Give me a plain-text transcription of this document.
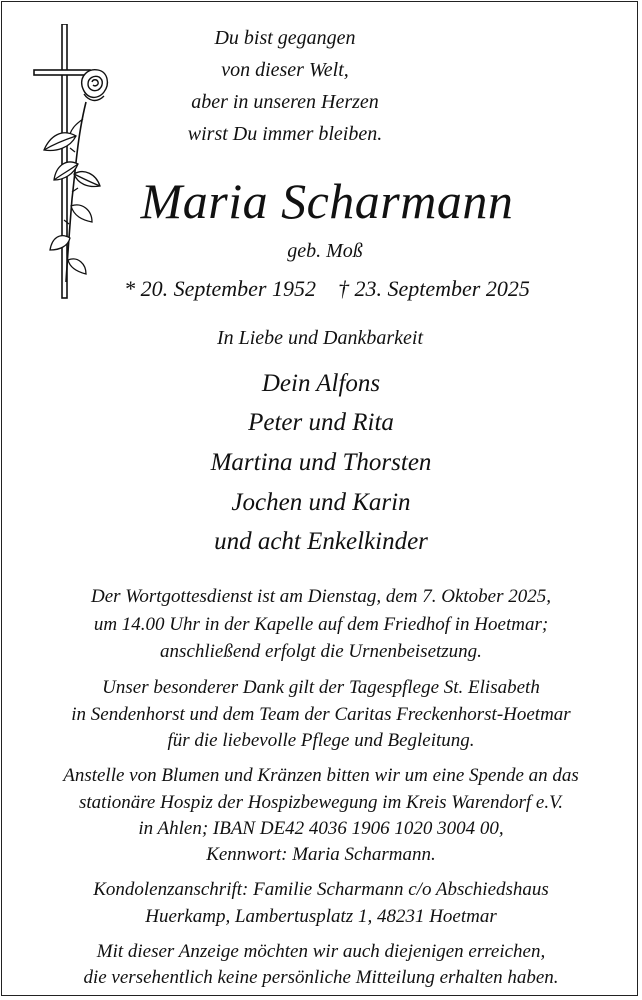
Du bist gegangen
von dieser Welt,
aber in unseren Herzen
wirst Du immer bleiben.
Maria Scharmann
geb. Moß
* 20. September 1952 † 23. September 2025
In Liebe und Dankbarkeit
Dein Alfons
Peter und Rita
Martina und Thorsten
Jochen und Karin
und acht Enkelkinder
Der Wortgottesdienst ist am Dienstag, dem 7. Oktober 2025,
um 14.00 Uhr in der Kapelle auf dem Friedhof in Hoetmar;
anschließend erfolgt die Urnenbeisetzung.
Unser besonderer Dank gilt der Tagespflege St. Elisabeth
in Sendenhorst und dem Team der Caritas Freckenhorst-Hoetmar
für die liebevolle Pflege und Begleitung.
Anstelle von Blumen und Kränzen bitten wir um eine Spende an das
stationäre Hospiz der Hospizbewegung im Kreis Warendorf e.V.
in Ahlen; IBAN DE42 4036 1906 1020 3004 00,
Kennwort: Maria Scharmann.
Kondolenzanschrift: Familie Scharmann c/o Abschiedshaus
Huerkamp, Lambertusplatz 1, 48231 Hoetmar
Mit dieser Anzeige möchten wir auch diejenigen erreichen,
die versehentlich keine persönliche Mitteilung erhalten haben.
